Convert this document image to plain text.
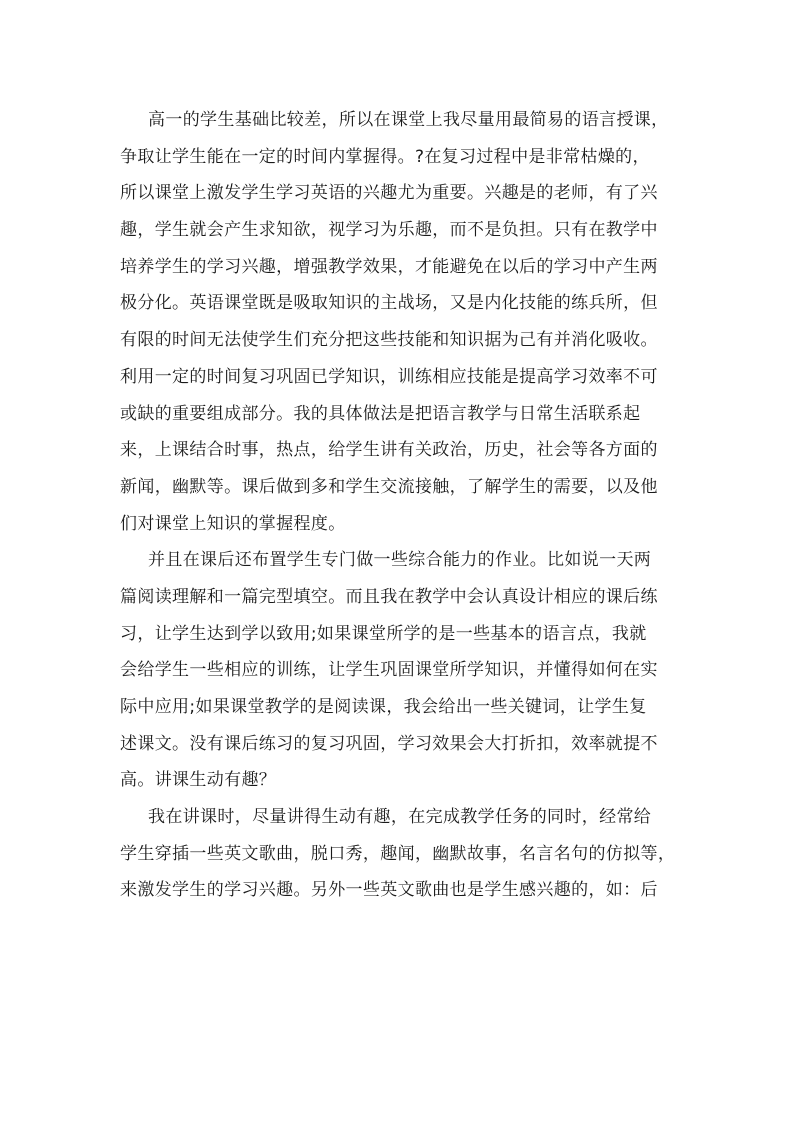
高一的学生基础比较差，所以在课堂上我尽量用最简易的语言授课，
争取让学生能在一定的时间内掌握得。?在复习过程中是非常枯燥的，
所以课堂上激发学生学习英语的兴趣尤为重要。兴趣是的老师，有了兴
趣，学生就会产生求知欲，视学习为乐趣，而不是负担。只有在教学中
培养学生的学习兴趣，增强教学效果，才能避免在以后的学习中产生两
极分化。英语课堂既是吸取知识的主战场，又是内化技能的练兵所，但
有限的时间无法使学生们充分把这些技能和知识据为己有并消化吸收。
利用一定的时间复习巩固已学知识，训练相应技能是提高学习效率不可
或缺的重要组成部分。我的具体做法是把语言教学与日常生活联系起
来，上课结合时事，热点，给学生讲有关政治，历史，社会等各方面的
新闻，幽默等。课后做到多和学生交流接触，了解学生的需要，以及他
们对课堂上知识的掌握程度。
并且在课后还布置学生专门做一些综合能力的作业。比如说一天两
篇阅读理解和一篇完型填空。而且我在教学中会认真设计相应的课后练
习，让学生达到学以致用;如果课堂所学的是一些基本的语言点，我就
会给学生一些相应的训练，让学生巩固课堂所学知识，并懂得如何在实
际中应用;如果课堂教学的是阅读课，我会给出一些关键词，让学生复
述课文。没有课后练习的复习巩固，学习效果会大打折扣，效率就提不
高。讲课生动有趣？
我在讲课时，尽量讲得生动有趣，在完成教学任务的同时，经常给
学生穿插一些英文歌曲，脱口秀，趣闻，幽默故事，名言名句的仿拟等，
来激发学生的学习兴趣。另外一些英文歌曲也是学生感兴趣的，如：后
